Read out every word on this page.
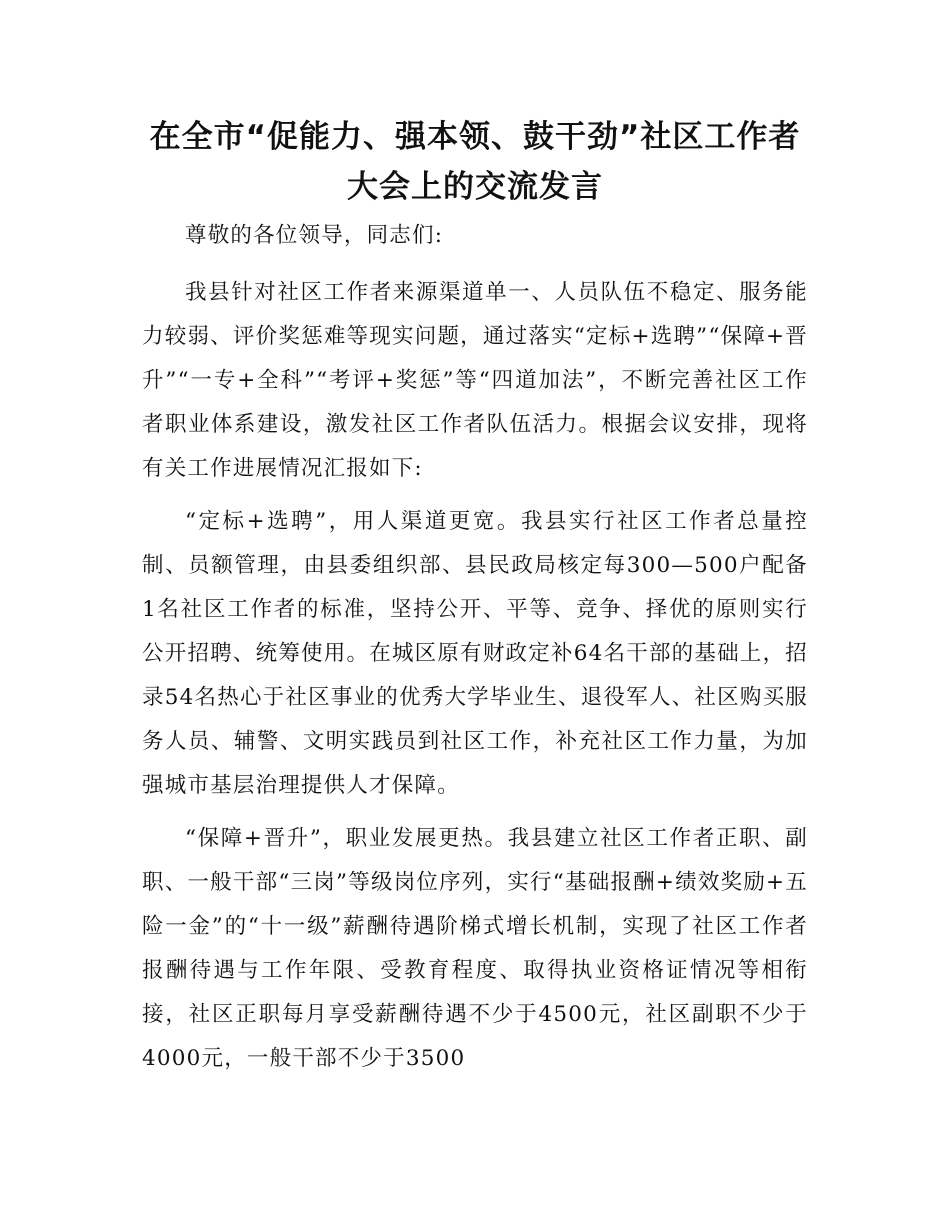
在全市“促能力、强本领、鼓干劲”社区工作者大会上的交流发言

尊敬的各位领导，同志们:

我县针对社区工作者来源渠道单一、人员队伍不稳定、服务能力较弱、评价奖惩难等现实问题，通过落实“定标+选聘”“保障+晋升”“一专+全科”“考评+奖惩”等“四道加法”，不断完善社区工作者职业体系建设，激发社区工作者队伍活力。根据会议安排，现将有关工作进展情况汇报如下:

“定标+选聘”，用人渠道更宽。我县实行社区工作者总量控制、员额管理，由县委组织部、县民政局核定每300—500户配备1名社区工作者的标准，坚持公开、平等、竞争、择优的原则实行公开招聘、统筹使用。在城区原有财政定补64名干部的基础上，招录54名热心于社区事业的优秀大学毕业生、退役军人、社区购买服务人员、辅警、文明实践员到社区工作，补充社区工作力量，为加强城市基层治理提供人才保障。

“保障+晋升”，职业发展更热。我县建立社区工作者正职、副职、一般干部“三岗”等级岗位序列，实行“基础报酬+绩效奖励+五险一金”的“十一级”薪酬待遇阶梯式增长机制，实现了社区工作者报酬待遇与工作年限、受教育程度、取得执业资格证情况等相衔接，社区正职每月享受薪酬待遇不少于4500元，社区副职不少于4000元，一般干部不少于3500
